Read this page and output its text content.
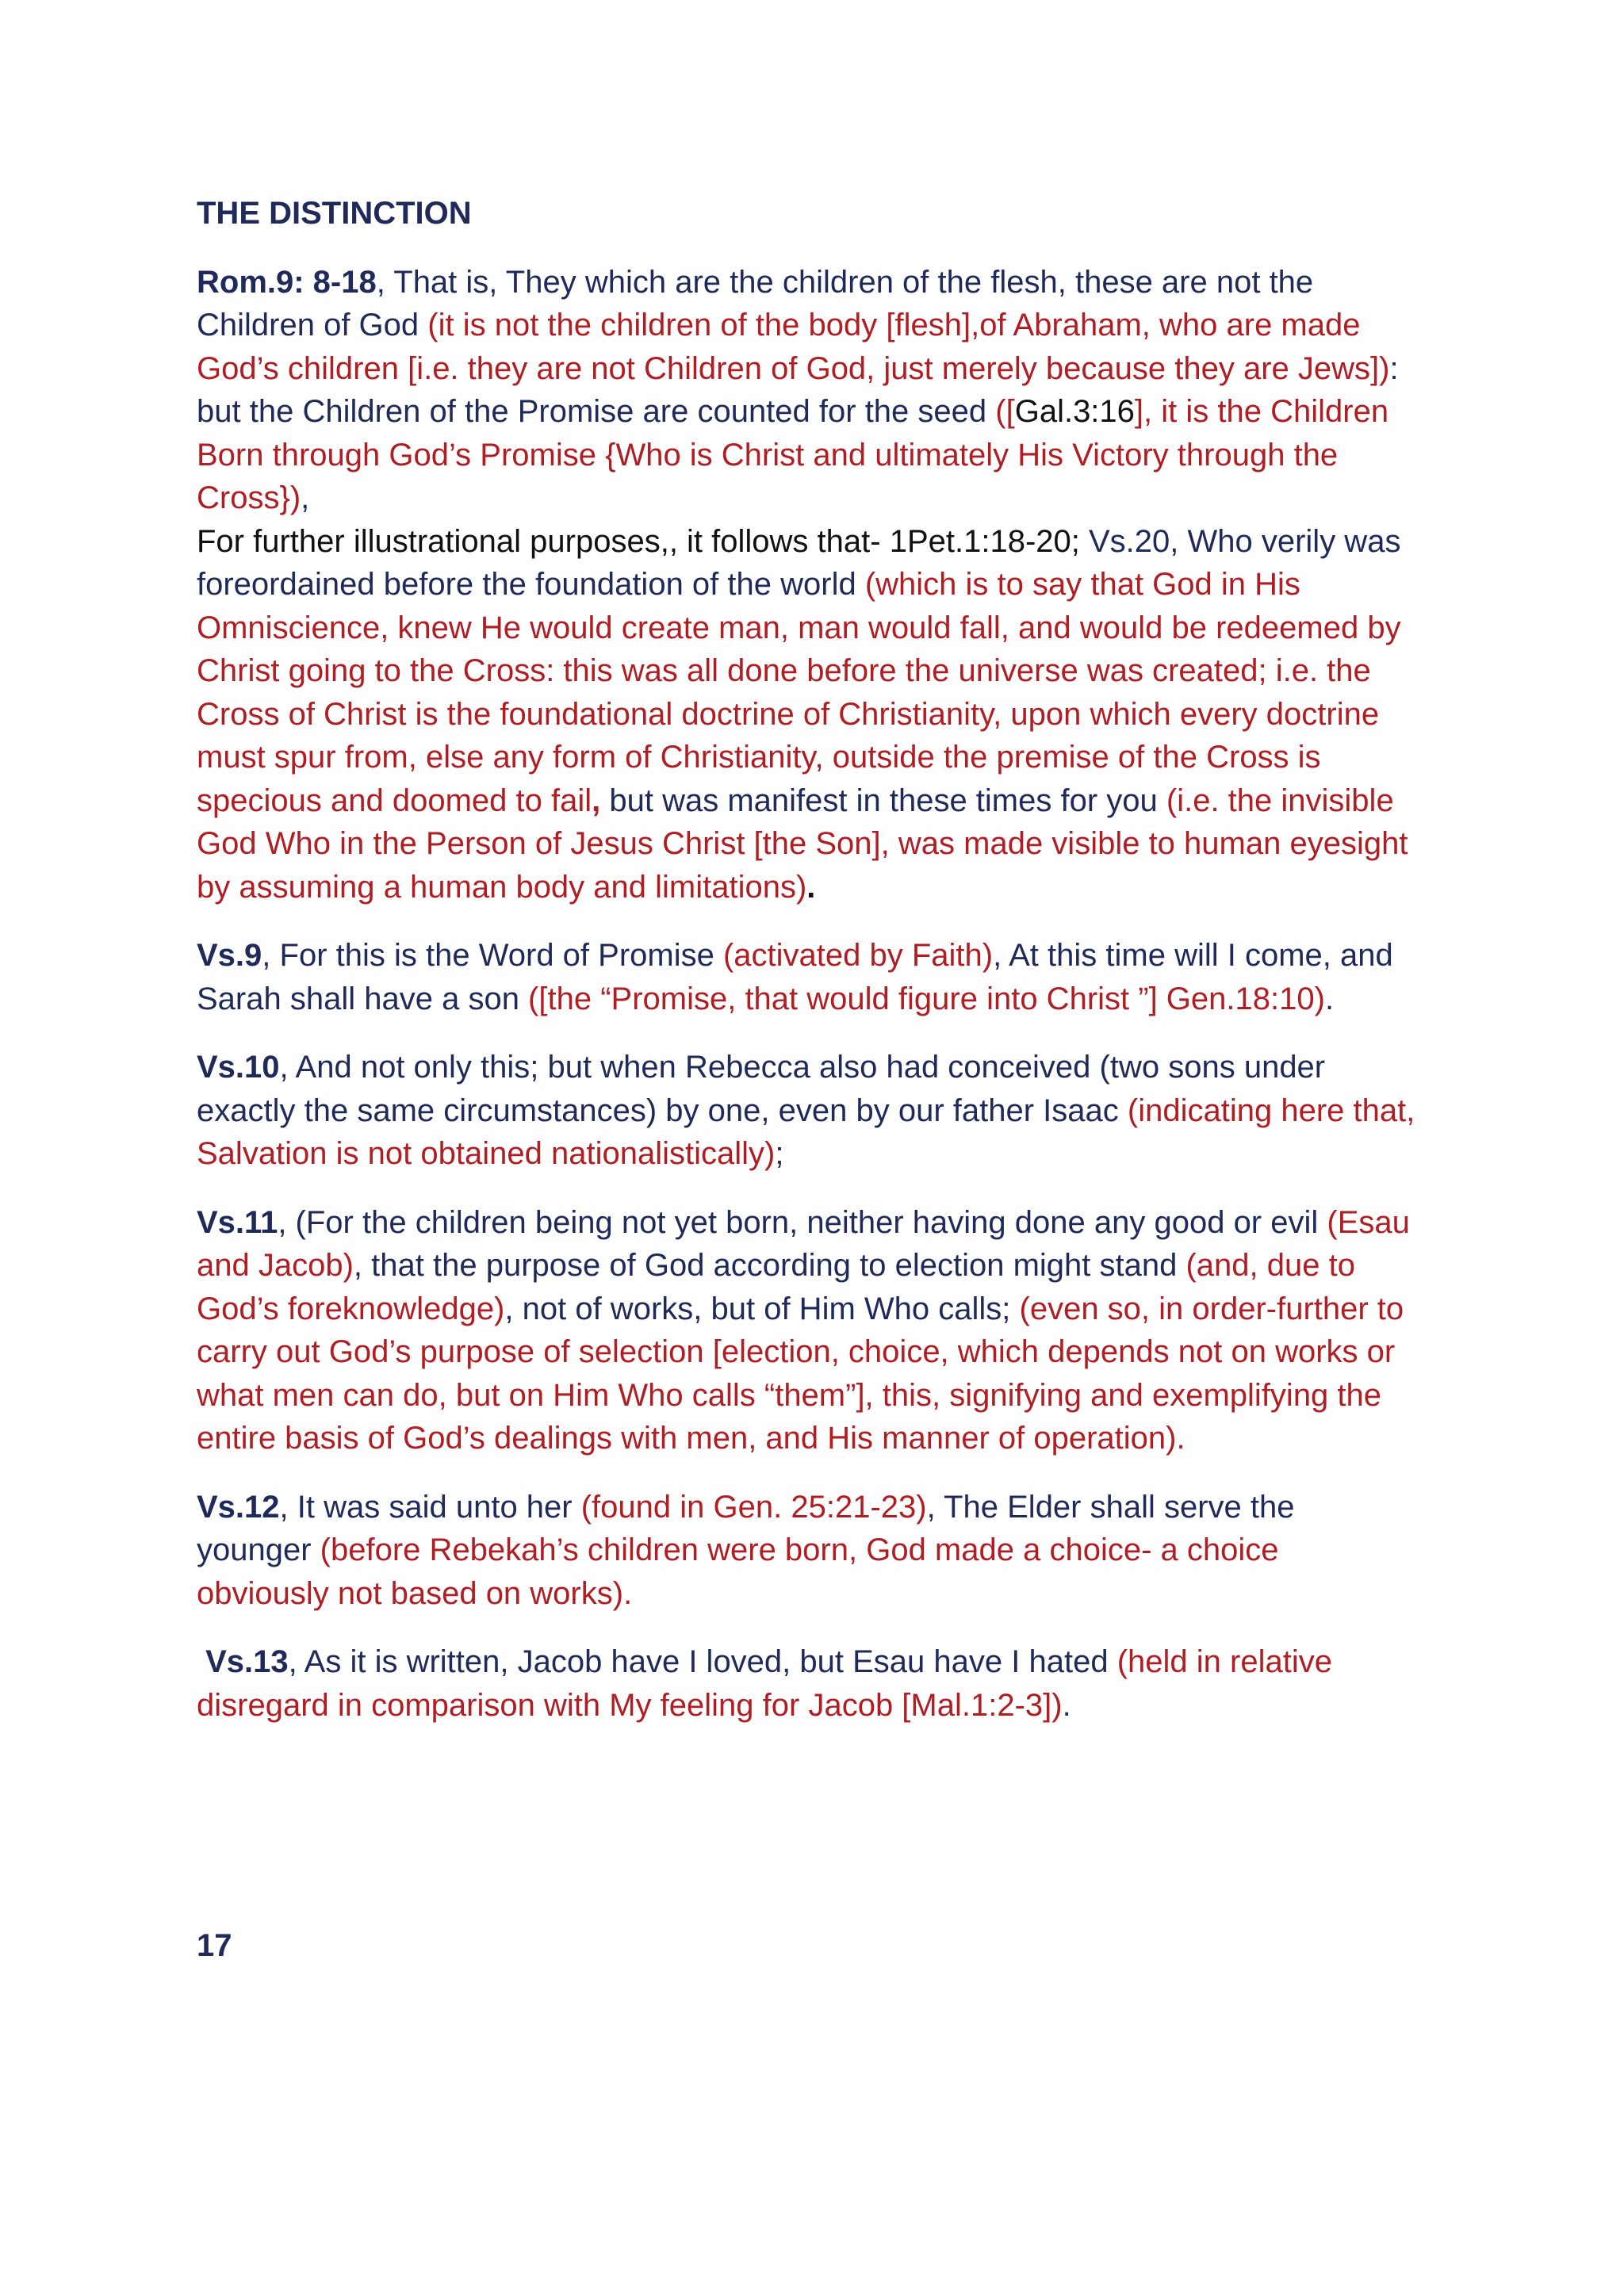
THE DISTINCTION

Rom.9: 8-18, That is, They which are the children of the flesh, these are not the Children of God (it is not the children of the body [flesh],of Abraham, who are made God’s children [i.e. they are not Children of God, just merely because they are Jews]): but the Children of the Promise are counted for the seed ([Gal.3:16], it is the Children Born through God’s Promise {Who is Christ and ultimately His Victory through the Cross}),

For further illustrational purposes,, it follows that- 1Pet.1:18-20; Vs.20, Who verily was foreordained before the foundation of the world (which is to say that God in His Omniscience, knew He would create man, man would fall, and would be redeemed by Christ going to the Cross: this was all done before the universe was created; i.e. the Cross of Christ is the foundational doctrine of Christianity, upon which every doctrine must spur from, else any form of Christianity, outside the premise of the Cross is specious and doomed to fail, but was manifest in these times for you (i.e. the invisible God Who in the Person of Jesus Christ [the Son], was made visible to human eyesight by assuming a human body and limitations).

Vs.9, For this is the Word of Promise (activated by Faith), At this time will I come, and Sarah shall have a son ([the “Promise, that would figure into Christ ”] Gen.18:10).

Vs.10, And not only this; but when Rebecca also had conceived (two sons under exactly the same circumstances) by one, even by our father Isaac (indicating here that, Salvation is not obtained nationalistically);

Vs.11, (For the children being not yet born, neither having done any good or evil (Esau and Jacob), that the purpose of God according to election might stand (and, due to God’s foreknowledge), not of works, but of Him Who calls; (even so, in order-further to carry out God’s purpose of selection [election, choice, which depends not on works or what men can do, but on Him Who calls “them”], this, signifying and exemplifying the entire basis of God’s dealings with men, and His manner of operation).

Vs.12, It was said unto her (found in Gen. 25:21-23), The Elder shall serve the younger (before Rebekah’s children were born, God made a choice- a choice obviously not based on works).

Vs.13, As it is written, Jacob have I loved, but Esau have I hated (held in relative disregard in comparison with My feeling for Jacob [Mal.1:2-3]).

17
